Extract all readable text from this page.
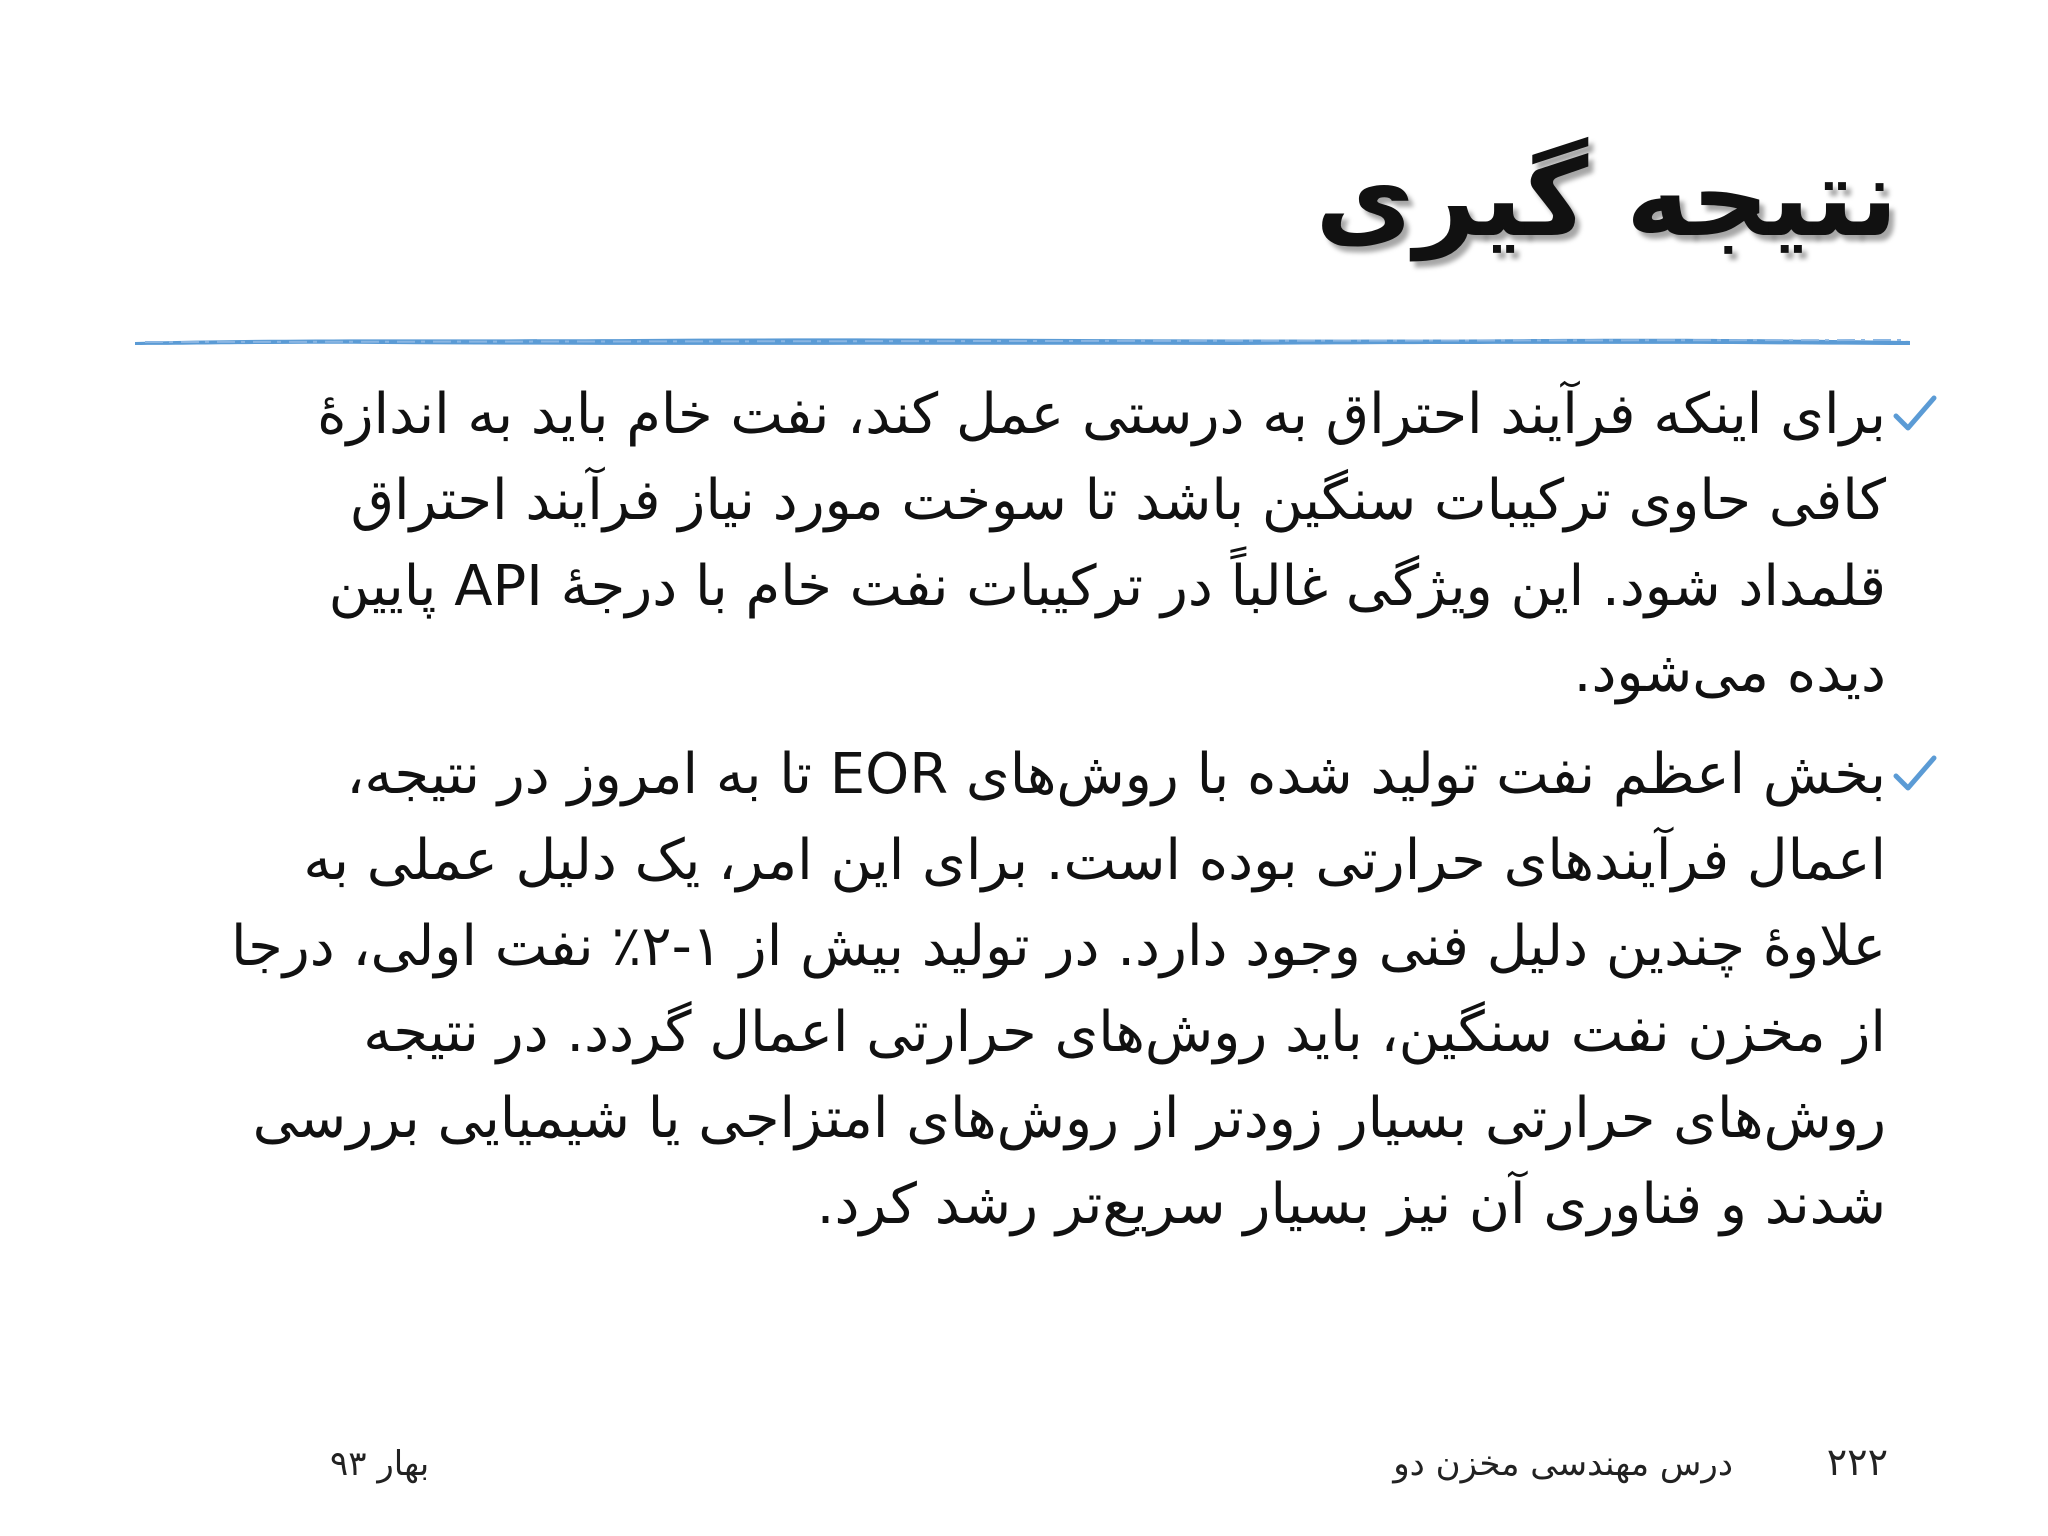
نتیجه گیری
برای اینکه فرآیند احتراق به درستی عمل کند، نفت خام باید به اندازۀ کافی حاوی ترکیبات سنگین باشد تا سوخت مورد نیاز فرآیند احتراق قلمداد شود. این ویژگی غالباً در ترکیبات نفت خام با درجۀ API پایین دیده می‌شود.
بخش اعظم نفت تولید شده با روش‌های EOR تا به امروز در نتیجه، اعمال فرآیندهای حرارتی بوده است. برای این امر، یک دلیل عملی به علاوۀ چندین دلیل فنی وجود دارد. در تولید بیش از ۱-۲٪ نفت اولی، درجا از مخزن نفت سنگین، باید روش‌های حرارتی اعمال گردد. در نتیجه روش‌های حرارتی بسیار زودتر از روش‌های امتزاجی یا شیمیایی بررسی شدند و فناوری آن نیز بسیار سریع‌تر رشد کرد.
۲۲۲
درس مهندسی مخزن دو
بهار ۹۳
